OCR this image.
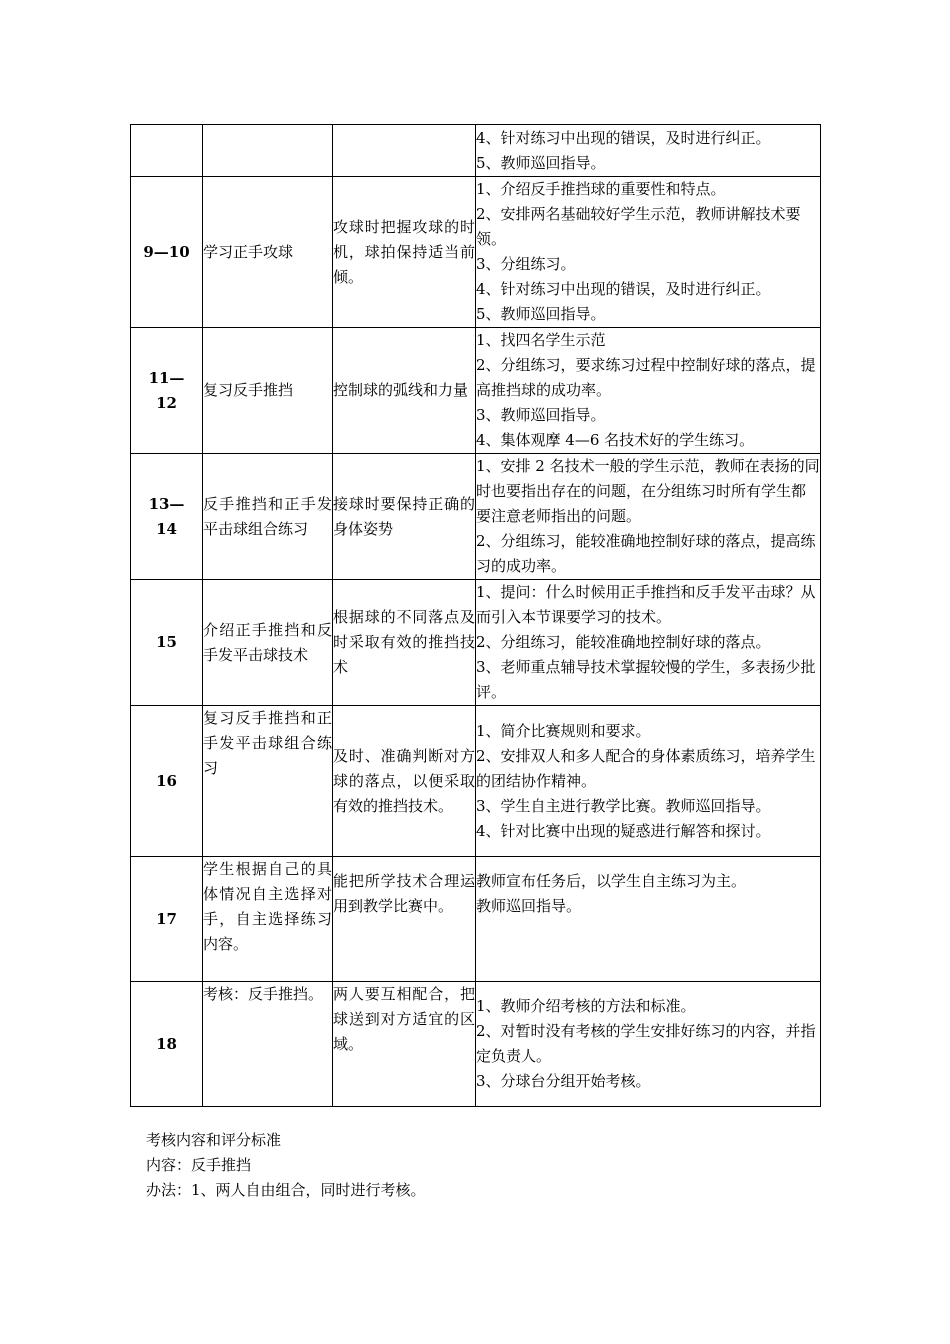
			4、针对练习中出现的错误，及时进行纠正。
5、教师巡回指导。

9—10	学习正手攻球	攻球时把握攻球的时机，球拍保持适当前倾。	1、介绍反手推挡球的重要性和特点。
2、安排两名基础较好学生示范，教师讲解技术要领。
3、分组练习。
4、针对练习中出现的错误，及时进行纠正。
5、教师巡回指导。

11—12	复习反手推挡	控制球的弧线和力量	1、找四名学生示范
2、分组练习，要求练习过程中控制好球的落点，提高推挡球的成功率。
3、教师巡回指导。
4、集体观摩 4—6 名技术好的学生练习。

13—14	反手推挡和正手发平击球组合练习	接球时要保持正确的身体姿势	1、安排 2 名技术一般的学生示范，教师在表扬的同时也要指出存在的问题，在分组练习时所有学生都要注意老师指出的问题。
2、分组练习，能较准确地控制好球的落点，提高练习的成功率。

15	介绍正手推挡和反手发平击球技术	根据球的不同落点及时采取有效的推挡技术	1、提问：什么时候用正手推挡和反手发平击球？从而引入本节课要学习的技术。
2、分组练习，能较准确地控制好球的落点。
3、老师重点辅导技术掌握较慢的学生，多表扬少批评。

16	复习反手推挡和正手发平击球组合练习	及时、准确判断对方球的落点，以便采取有效的推挡技术。	1、简介比赛规则和要求。
2、安排双人和多人配合的身体素质练习，培养学生的团结协作精神。
3、学生自主进行教学比赛。教师巡回指导。
4、针对比赛中出现的疑惑进行解答和探讨。

17	学生根据自己的具体情况自主选择对手，自主选择练习内容。	能把所学技术合理运用到教学比赛中。	教师宣布任务后，以学生自主练习为主。
教师巡回指导。

18	考核：反手推挡。	两人要互相配合，把球送到对方适宜的区域。	1、教师介绍考核的方法和标准。
2、对暂时没有考核的学生安排好练习的内容，并指定负责人。
3、分球台分组开始考核。
考核内容和评分标准
内容：反手推挡
办法：1、两人自由组合，同时进行考核。
